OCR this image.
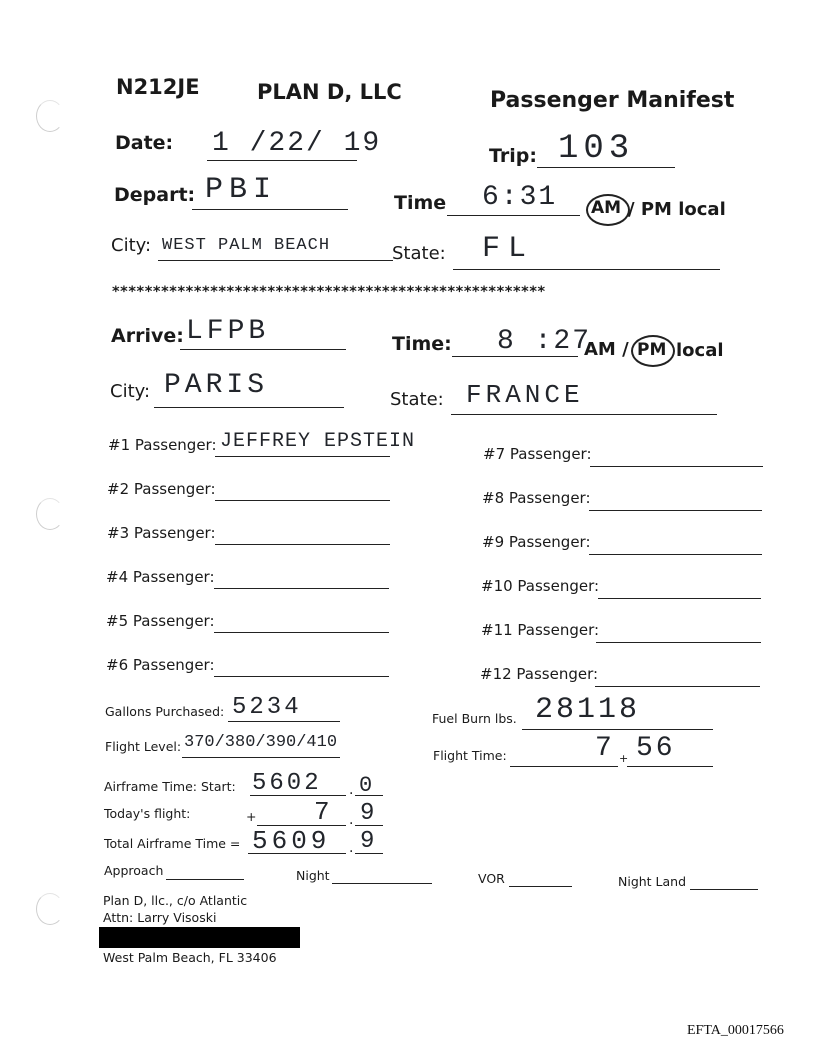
N212JE	PLAN D, LLC	Passenger Manifest
Date: 1 /22/ 19	Trip: 103
Depart: PBI	Time 6:31 AM / PM local
City: WEST PALM BEACH	State: FL
*****************************************************
Arrive: LFPB	Time: 8 :27
AM / PM local
City: PARIS	State: FRANCE
#1 Passenger: JEFFREY EPSTEIN
#2 Passenger:
#3 Passenger:
#4 Passenger:
#5 Passenger:
#6 Passenger:
#7 Passenger:
#8 Passenger:
#9 Passenger:
#10 Passenger:
#11 Passenger:
#12 Passenger:
Gallons Purchased: 5234	Fuel Burn lbs. 28118
Flight Level: 370/380/390/410
Flight Time:	7 + 56
Airframe Time: Start: 5602 . 0
Today's flight:	+ 7 . 9
Total Airframe Time = 5609 . 9
Approach	Night	VOR	Night Land
Plan D, llc., c/o Atlantic
Attn: Larry Visoski
West Palm Beach, FL 33406
EFTA_00017566
